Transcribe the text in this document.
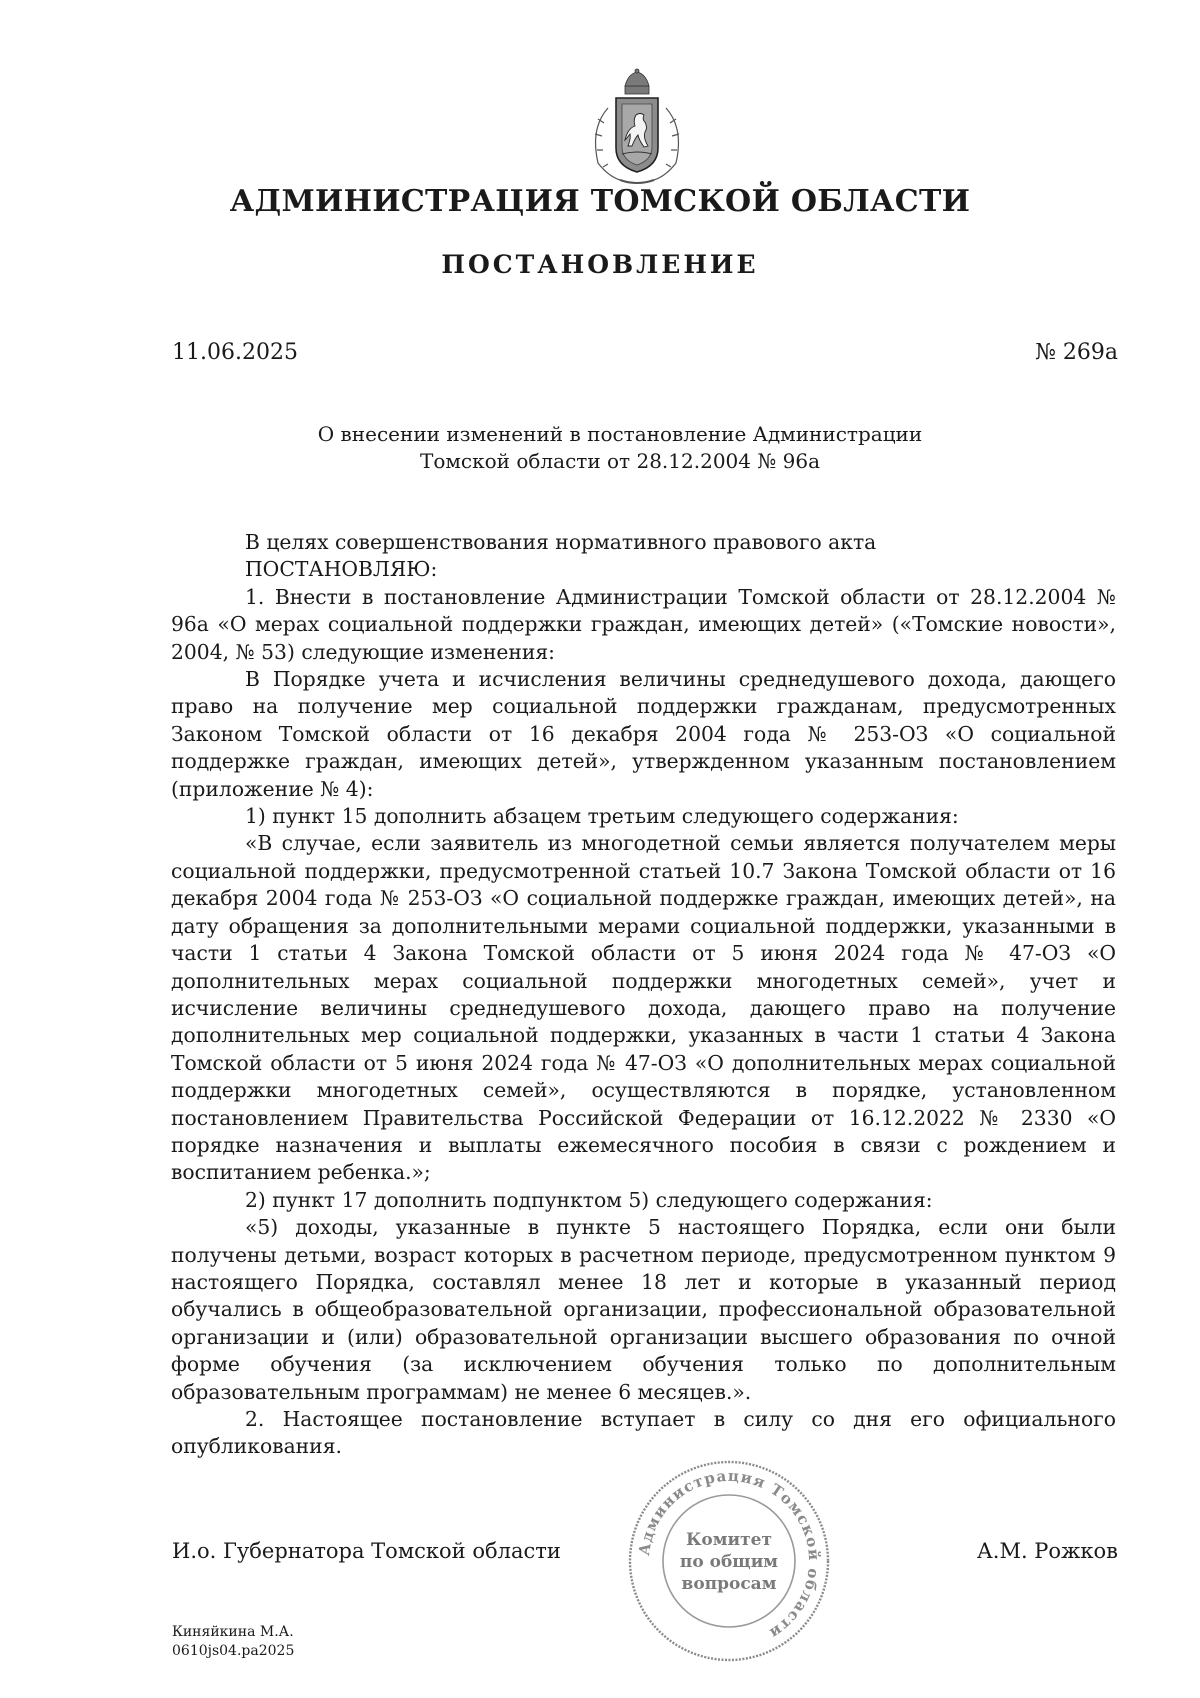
АДМИНИСТРАЦИЯ ТОМСКОЙ ОБЛАСТИ
ПОСТАНОВЛЕНИЕ
11.06.2025	№ 269а
О внесении изменений в постановление Администрации
Томской области от 28.12.2004 № 96а

В целях совершенствования нормативного правового акта

ПОСТАНОВЛЯЮ:

1. Внести в постановление Администрации Томской области от 28.12.2004 № 96а «О мерах социальной поддержки граждан, имеющих детей» («Томские новости», 2004, № 53) следующие изменения:

В Порядке учета и исчисления величины среднедушевого дохода, дающего право на получение мер социальной поддержки гражданам, предусмотренных Законом Томской области от 16 декабря 2004 года № 253-ОЗ «О социальной поддержке граждан, имеющих детей», утвержденном указанным постановлением (приложение № 4):

1) пункт 15 дополнить абзацем третьим следующего содержания:

«В случае, если заявитель из многодетной семьи является получателем меры социальной поддержки, предусмотренной статьей 10.7 Закона Томской области от 16 декабря 2004 года № 253-ОЗ «О социальной поддержке граждан, имеющих детей», на дату обращения за дополнительными мерами социальной поддержки, указанными в части 1 статьи 4 Закона Томской области от 5 июня 2024 года № 47-ОЗ «О дополнительных мерах социальной поддержки многодетных семей», учет и исчисление величины среднедушевого дохода, дающего право на получение дополнительных мер социальной поддержки, указанных в части 1 статьи 4 Закона Томской области от 5 июня 2024 года № 47-ОЗ «О дополнительных мерах социальной поддержки многодетных семей», осуществляются в порядке, установленном постановлением Правительства Российской Федерации от 16.12.2022 № 2330 «О порядке назначения и выплаты ежемесячного пособия в связи с рождением и воспитанием ребенка.»;

2) пункт 17 дополнить подпунктом 5) следующего содержания:

«5) доходы, указанные в пункте 5 настоящего Порядка, если они были получены детьми, возраст которых в расчетном периоде, предусмотренном пунктом 9 настоящего Порядка, составлял менее 18 лет и которые в указанный период обучались в общеобразовательной организации, профессиональной образовательной организации и (или) образовательной организации высшего образования по очной форме обучения (за исключением обучения только по дополнительным образовательным программам) не менее 6 месяцев.».

2. Настоящее постановление вступает в силу со дня его официального опубликования.

И.о. Губернатора Томской области	А.М. Рожков
Администрация Томской области
Комитет
по общим
вопросам
Киняйкина М.А.
0610js04.pa2025
